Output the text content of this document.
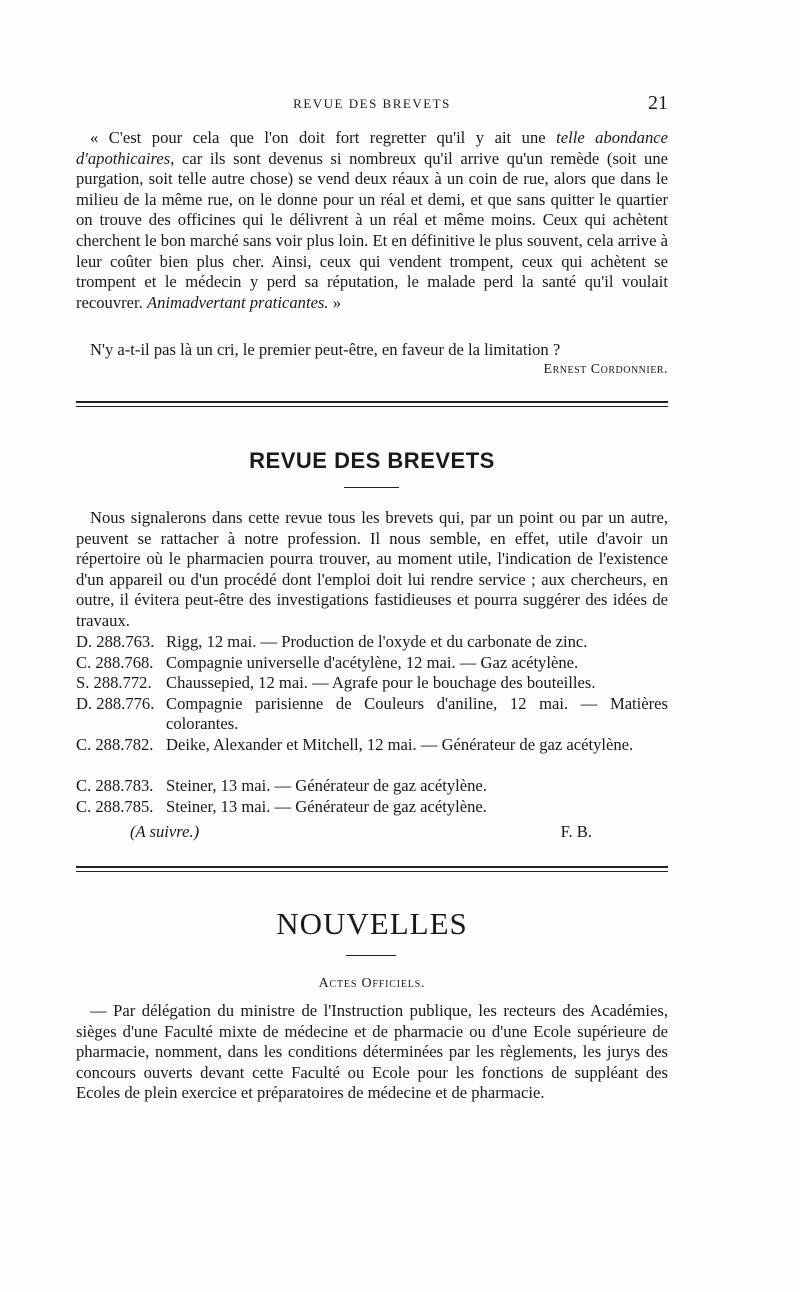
REVUE DES BREVETS	21

« C'est pour cela que l'on doit fort regretter qu'il y ait une telle abondance d'apothicaires, car ils sont devenus si nombreux qu'il arrive qu'un remède (soit une purgation, soit telle autre chose) se vend deux réaux à un coin de rue, alors que dans le milieu de la même rue, on le donne pour un réal et demi, et que sans quitter le quartier on trouve des officines qui le délivrent à un réal et même moins. Ceux qui achètent cherchent le bon marché sans voir plus loin. Et en définitive le plus souvent, cela arrive à leur coûter bien plus cher. Ainsi, ceux qui vendent trompent, ceux qui achètent se trompent et le médecin y perd sa réputation, le malade perd la santé qu'il voulait recouvrer. Animadvertant praticantes. »

N'y a-t-il pas là un cri, le premier peut-être, en faveur de la limitation ?

Ernest Cordonnier.
REVUE DES BREVETS

Nous signalerons dans cette revue tous les brevets qui, par un point ou par un autre, peuvent se rattacher à notre profession. Il nous semble, en effet, utile d'avoir un répertoire où le pharmacien pourra trouver, au moment utile, l'indication de l'existence d'un appareil ou d'un procédé dont l'emploi doit lui rendre service ; aux chercheurs, en outre, il évitera peut-être des investigations fastidieuses et pourra suggérer des idées de travaux.

D. 288.763. Rigg, 12 mai. — Production de l'oxyde et du carbonate de zinc.
C. 288.768. Compagnie universelle d'acétylène, 12 mai. — Gaz acétylène.
S. 288.772. Chaussepied, 12 mai. — Agrafe pour le bouchage des bouteilles.
D. 288.776. Compagnie parisienne de Couleurs d'aniline, 12 mai. — Matières colorantes.
C. 288.782. Deike, Alexander et Mitchell, 12 mai. — Générateur de gaz acétylène.
C. 288.783. Steiner, 13 mai. — Générateur de gaz acétylène.
C. 288.785. Steiner, 13 mai. — Générateur de gaz acétylène.
(A suivre.)	F. B.
NOUVELLES
Actes Officiels.

— Par délégation du ministre de l'Instruction publique, les recteurs des Académies, sièges d'une Faculté mixte de médecine et de pharmacie ou d'une Ecole supérieure de pharmacie, nomment, dans les conditions déterminées par les règlements, les jurys des concours ouverts devant cette Faculté ou Ecole pour les fonctions de suppléant des Ecoles de plein exercice et préparatoires de médecine et de pharmacie.
